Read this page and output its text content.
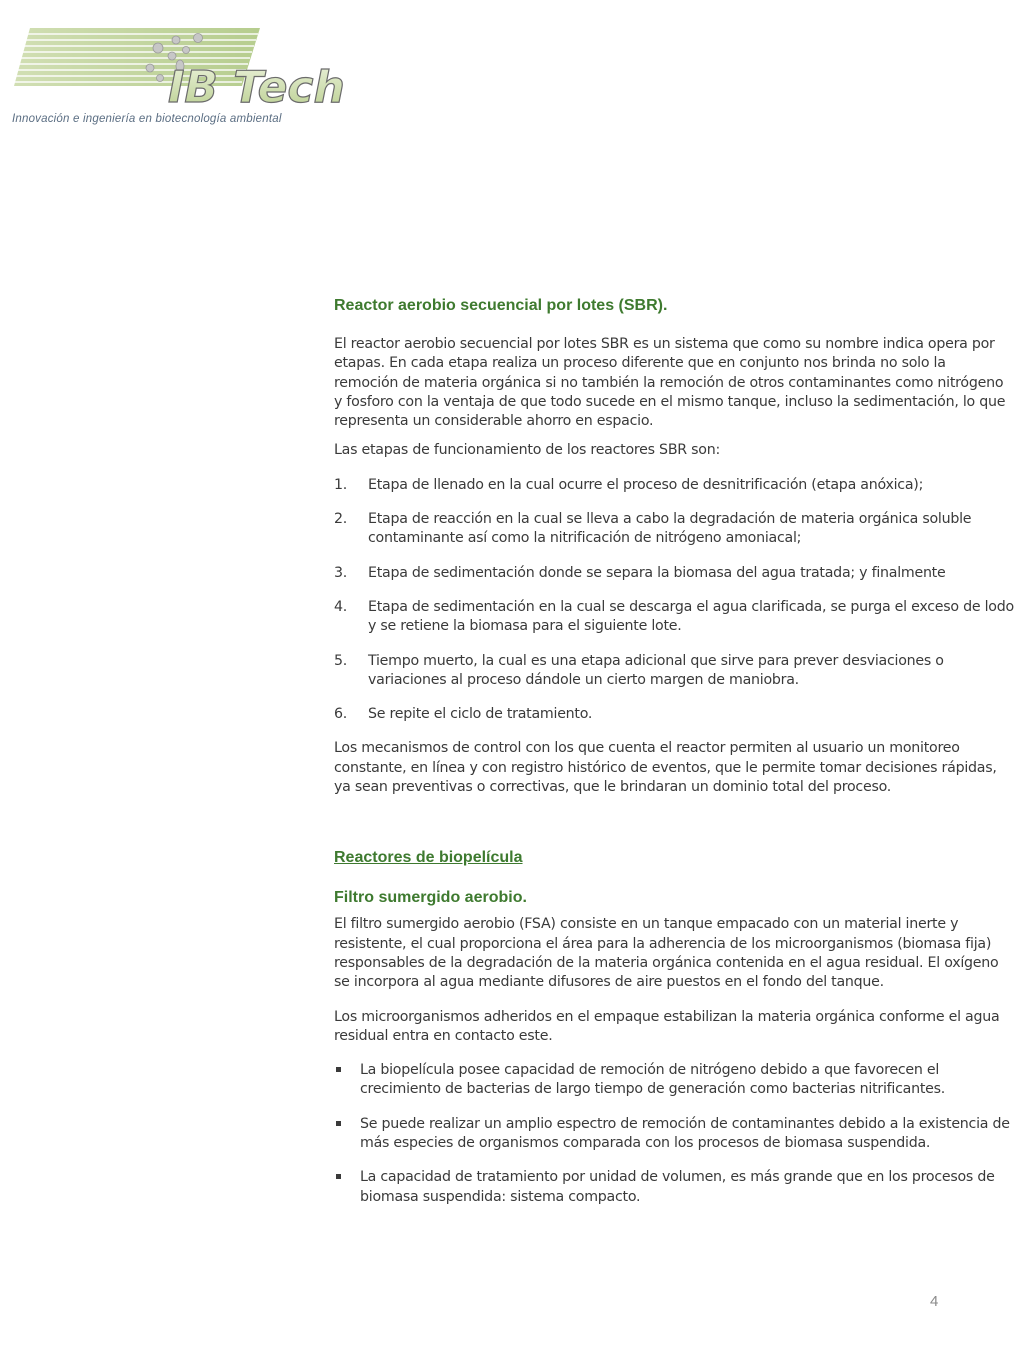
IB Tech
Innovación e ingeniería en biotecnología ambiental
Reactor aerobio secuencial por lotes (SBR).

El reactor aerobio secuencial por lotes SBR es un sistema que como su nombre indica opera por etapas. En cada etapa realiza un proceso diferente que en conjunto nos brinda no solo la remoción de materia orgánica si no también la remoción de otros contaminantes como nitrógeno y fosforo con la ventaja de que todo sucede en el mismo tanque, incluso la sedimentación, lo que representa un considerable ahorro en espacio.

Las etapas de funcionamiento de los reactores SBR son:

1. Etapa de llenado en la cual ocurre el proceso de desnitrificación (etapa anóxica);
2. Etapa de reacción en la cual se lleva a cabo la degradación de materia orgánica soluble contaminante así como la nitrificación de nitrógeno amoniacal;
3. Etapa de sedimentación donde se separa la biomasa del agua tratada; y finalmente
4. Etapa de sedimentación en la cual se descarga el agua clarificada, se purga el exceso de lodo y se retiene la biomasa para el siguiente lote.
5. Tiempo muerto, la cual es una etapa adicional que sirve para prever desviaciones o variaciones al proceso dándole un cierto margen de maniobra.
6. Se repite el ciclo de tratamiento.

Los mecanismos de control con los que cuenta el reactor permiten al usuario un monitoreo constante, en línea y con registro histórico de eventos, que le permite tomar decisiones rápidas, ya sean preventivas o correctivas, que le brindaran un dominio total del proceso.

Reactores de biopelícula
Filtro sumergido aerobio.

El filtro sumergido aerobio (FSA) consiste en un tanque empacado con un material inerte y resistente, el cual proporciona el área para la adherencia de los microorganismos (biomasa fija) responsables de la degradación de la materia orgánica contenida en el agua residual. El oxígeno se incorpora al agua mediante difusores de aire puestos en el fondo del tanque.

Los microorganismos adheridos en el empaque estabilizan la materia orgánica conforme el agua residual entra en contacto este.

La biopelícula posee capacidad de remoción de nitrógeno debido a que favorecen el crecimiento de bacterias de largo tiempo de generación como bacterias nitrificantes.
Se puede realizar un amplio espectro de remoción de contaminantes debido a la existencia de más especies de organismos comparada con los procesos de biomasa suspendida.
La capacidad de tratamiento por unidad de volumen, es más grande que en los procesos de biomasa suspendida: sistema compacto.
4
